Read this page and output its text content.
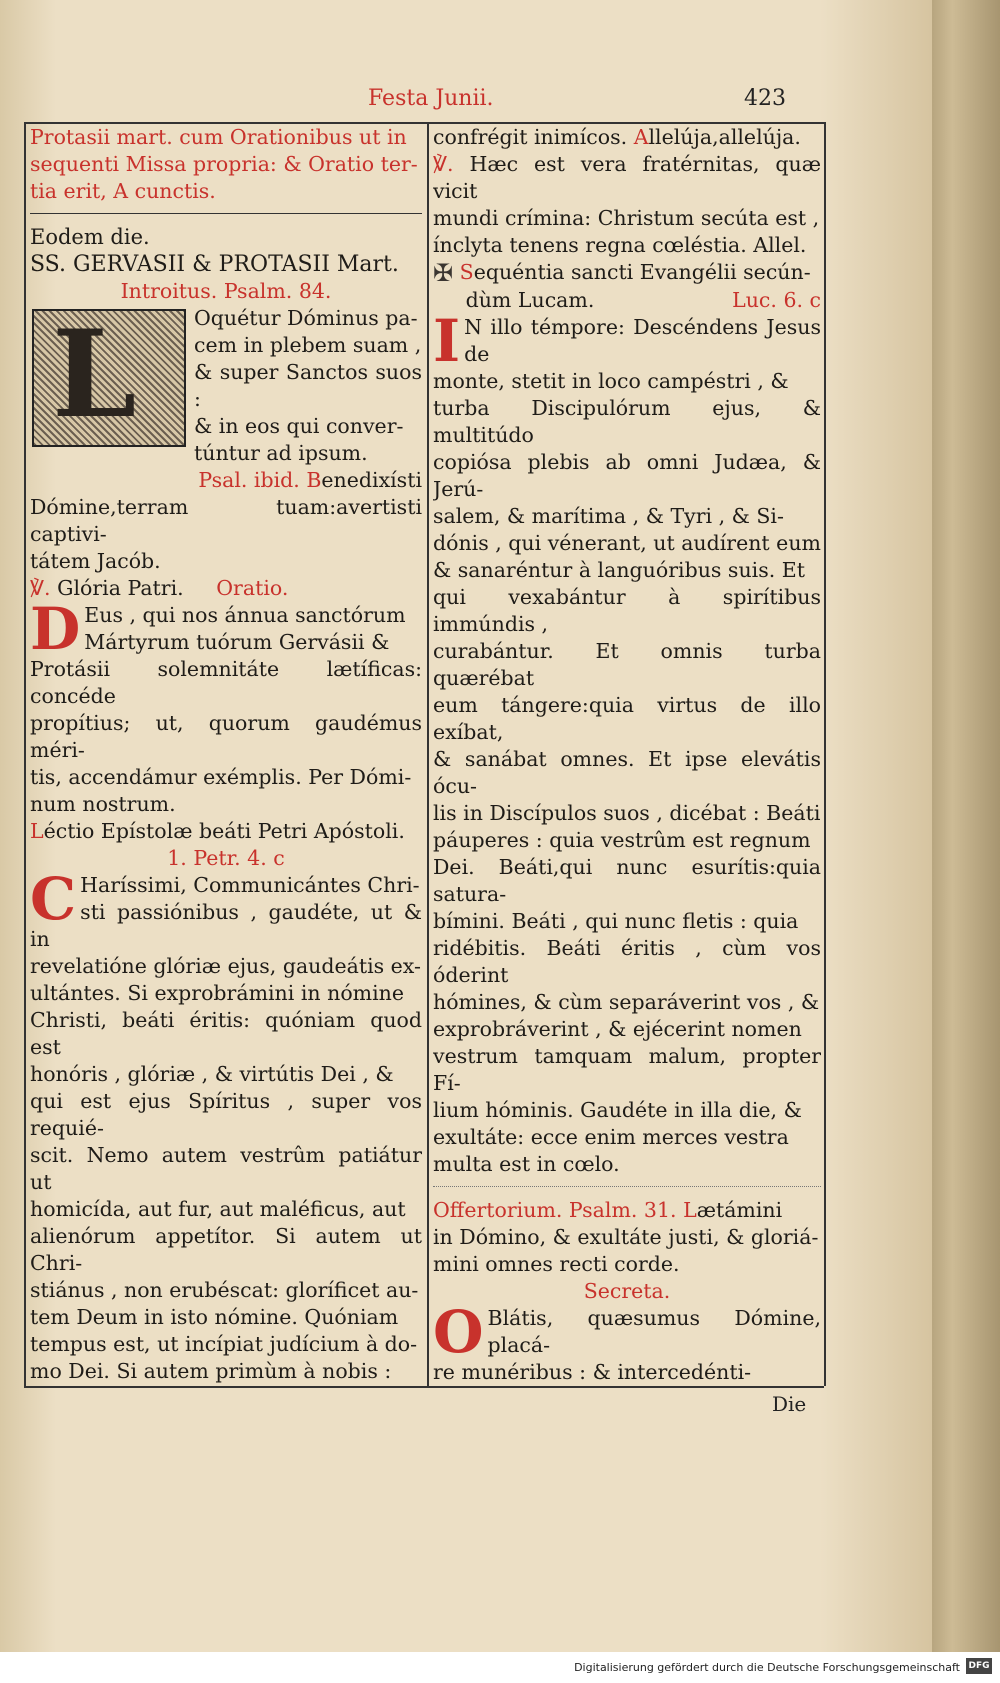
Festa Junii.	423

Protasii mart. cum Orationibus ut in

sequenti Missa propria: & Oratio ter-

tia erit, A cunctis.

Eodem die.

SS. GERVASII & PROTASII Mart.

Introitus. Psalm. 84.

L	Oquétur Dóminus pa-

cem in plebem suam ,

& super Sanctos suos :

& in eos qui conver-

túntur ad ipsum.

Psal. ibid. Benedixísti

Dómine,terram tuam:avertisti captivi-

tátem Jacób.

℣. Glória Patri. Oratio.

D Eus , qui nos ánnua sanctórum

Mártyrum tuórum Gervásii &

Protásii solemnitáte lætíficas: concéde

propítius; ut, quorum gaudémus méri-

tis, accendámur exémplis. Per Dómi-

num nostrum.

Léctio Epístolæ beáti Petri Apóstoli.

1. Petr. 4. c

C Haríssimi, Communicántes Chri-

sti passiónibus , gaudéte, ut & in

revelatióne glóriæ ejus, gaudeátis ex-

ultántes. Si exprobrámini in nómine

Christi, beáti éritis: quóniam quod est

honóris , glóriæ , & virtútis Dei , &

qui est ejus Spíritus , super vos requié-

scit. Nemo autem vestrûm patiátur ut

homicída, aut fur, aut maléficus, aut

alienórum appetítor. Si autem ut Chri-

stiánus , non erubéscat: gloríficet au-

tem Deum in isto nómine. Quóniam

tempus est, ut incípiat judícium à do-

mo Dei. Si autem primùm à nobis :

confrégit inimícos. Allelúja,allelúja.

℣. Hæc est vera fratérnitas, quæ vicit

mundi crímina: Christum secúta est ,

ínclyta tenens regna cœléstia. Allel.

✠ Sequéntia sancti Evangélii secún-

dùm Lucam.	Luc. 6. c

I N illo témpore: Descéndens Jesus de

monte, stetit in loco campéstri , &

turba Discipulórum ejus, & multitúdo

copiósa plebis ab omni Judæa, & Jerú-

salem, & marítima , & Tyri , & Si-

dónis , qui vénerant, ut audírent eum

& sanaréntur à languóribus suis. Et

qui vexabántur à spirítibus immúndis ,

curabántur. Et omnis turba quærébat

eum tángere:quia virtus de illo exíbat,

& sanábat omnes. Et ipse elevátis ócu-

lis in Discípulos suos , dicébat : Beáti

páuperes : quia vestrûm est regnum

Dei. Beáti,qui nunc esurítis:quia satura-

bímini. Beáti , qui nunc fletis : quia

ridébitis. Beáti éritis , cùm vos óderint

hómines, & cùm separáverint vos , &

exprobráverint , & ejécerint nomen

vestrum tamquam malum, propter Fí-

lium hóminis. Gaudéte in illa die, &

exultáte: ecce enim merces vestra

multa est in cœlo.

Offertorium. Psalm. 31. Lætámini

in Dómino, & exultáte justi, & gloriá-

mini omnes recti corde.

Secreta.

O Blátis, quæsumus Dómine, placá-

re munéribus : & intercedénti-

Die
Digitalisierung gefördert durch die Deutsche Forschungsgemeinschaft DFG
